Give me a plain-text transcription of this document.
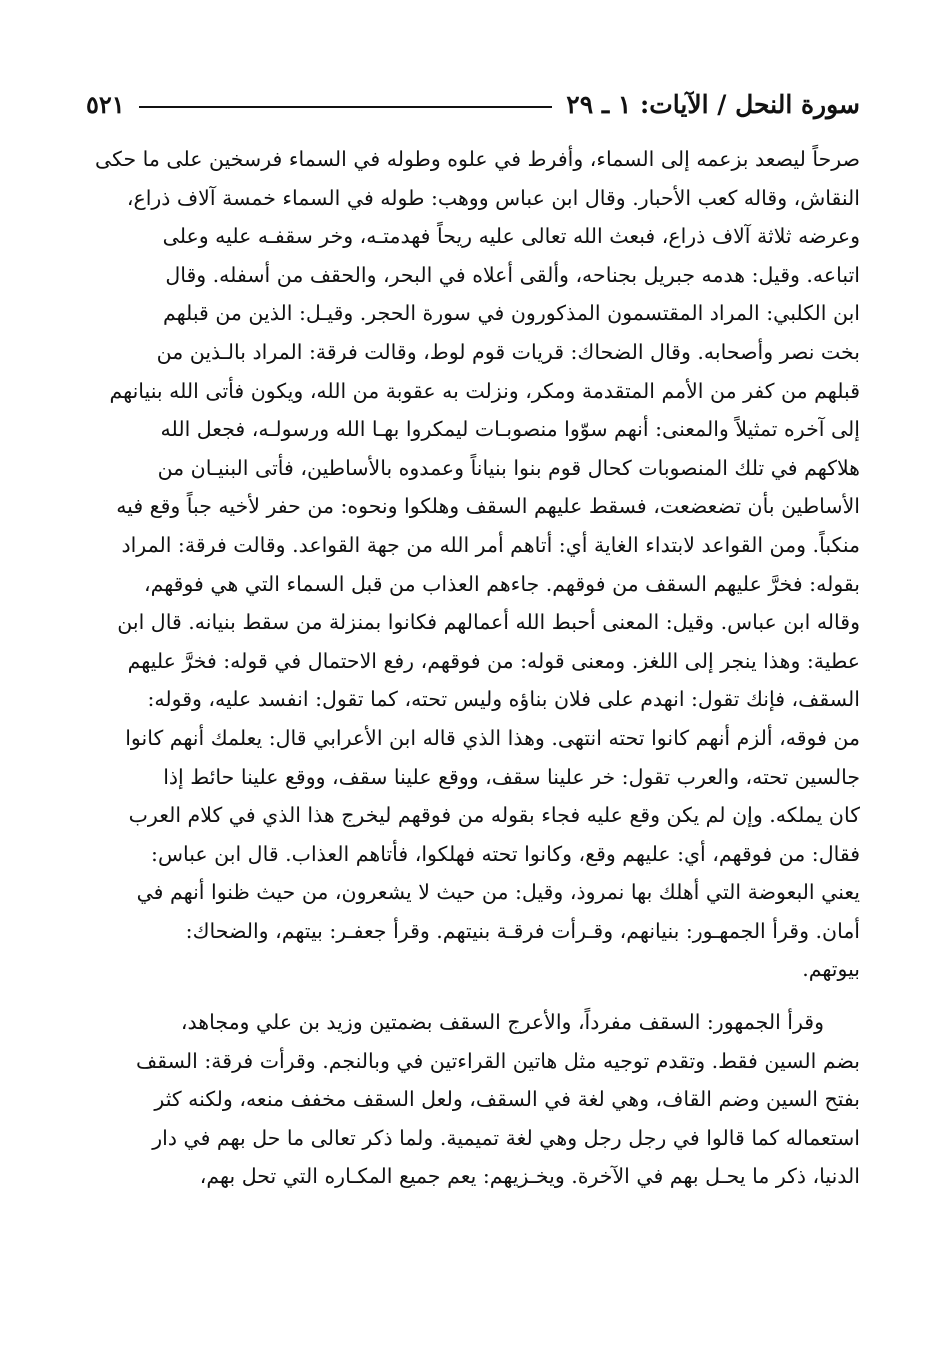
سورة النحل / الآيات: ١ ـ ٢٩
٥٢١
صرحاً ليصعد بزعمه إلى السماء، وأفرط في علوه وطوله في السماء فرسخين على ما حكى
النقاش، وقاله كعب الأحبار. وقال ابن عباس ووهب: طوله في السماء خمسة آلاف ذراع،
وعرضه ثلاثة آلاف ذراع، فبعث الله تعالى عليه ريحاً فهدمتـه، وخر سقفـه عليه وعلى
اتباعه. وقيل: هدمه جبريل بجناحه، وألقى أعلاه في البحر، والحقف من أسفله. وقال
ابن الكلبي: المراد المقتسمون المذكورون في سورة الحجر. وقيـل: الذين من قبلهم
بخت نصر وأصحابه. وقال الضحاك: قريات قوم لوط، وقالت فرقة: المراد بالـذين من
قبلهم من كفر من الأمم المتقدمة ومكر، ونزلت به عقوبة من الله، ويكون فأتى الله بنيانهم
إلى آخره تمثيلاً والمعنى: أنهم سوّوا منصوبـات ليمكروا بهـا الله ورسولـه، فجعل الله
هلاكهم في تلك المنصوبات كحال قوم بنوا بنياناً وعمدوه بالأساطين، فأتى البنيـان من
الأساطين بأن تضعضعت، فسقط عليهم السقف وهلكوا ونحوه: من حفر لأخيه جباً وقع فيه
منكباً. ومن القواعد لابتداء الغاية أي: أتاهم أمر الله من جهة القواعد. وقالت فرقة: المراد
بقوله: فخرَّ عليهم السقف من فوقهم. جاءهم العذاب من قبل السماء التي هي فوقهم،
وقاله ابن عباس. وقيل: المعنى أحبط الله أعمالهم فكانوا بمنزلة من سقط بنيانه. قال ابن
عطية: وهذا ينجر إلى اللغز. ومعنى قوله: من فوقهم، رفع الاحتمال في قوله: فخرَّ عليهم
السقف، فإنك تقول: انهدم على فلان بناؤه وليس تحته، كما تقول: انفسد عليه، وقوله:
من فوقه، ألزم أنهم كانوا تحته انتهى. وهذا الذي قاله ابن الأعرابي قال: يعلمك أنهم كانوا
جالسين تحته، والعرب تقول: خر علينا سقف، ووقع علينا سقف، ووقع علينا حائط إذا
كان يملكه. وإن لم يكن وقع عليه فجاء بقوله من فوقهم ليخرج هذا الذي في كلام العرب
فقال: من فوقهم، أي: عليهم وقع، وكانوا تحته فهلكوا، فأتاهم العذاب. قال ابن عباس:
يعني البعوضة التي أهلك بها نمروذ، وقيل: من حيث لا يشعرون، من حيث ظنوا أنهم في
أمان. وقرأ الجمهـور: بنيانهم، وقـرأت فرقـة بنيتهم. وقرأ جعفـر: بيتهم، والضحاك:
بيوتهم.
وقرأ الجمهور: السقف مفرداً، والأعرج السقف بضمتين وزيد بن علي ومجاهد،
بضم السين فقط. وتقدم توجيه مثل هاتين القراءتين في وبالنجم. وقرأت فرقة: السقف
بفتح السين وضم القاف، وهي لغة في السقف، ولعل السقف مخفف منعه، ولكنه كثر
استعماله كما قالوا في رجل رجل وهي لغة تميمية. ولما ذكر تعالى ما حل بهم في دار
الدنيا، ذكر ما يحـل بهم في الآخرة. ويخـزيهم: يعم جميع المكـاره التي تحل بهم،
